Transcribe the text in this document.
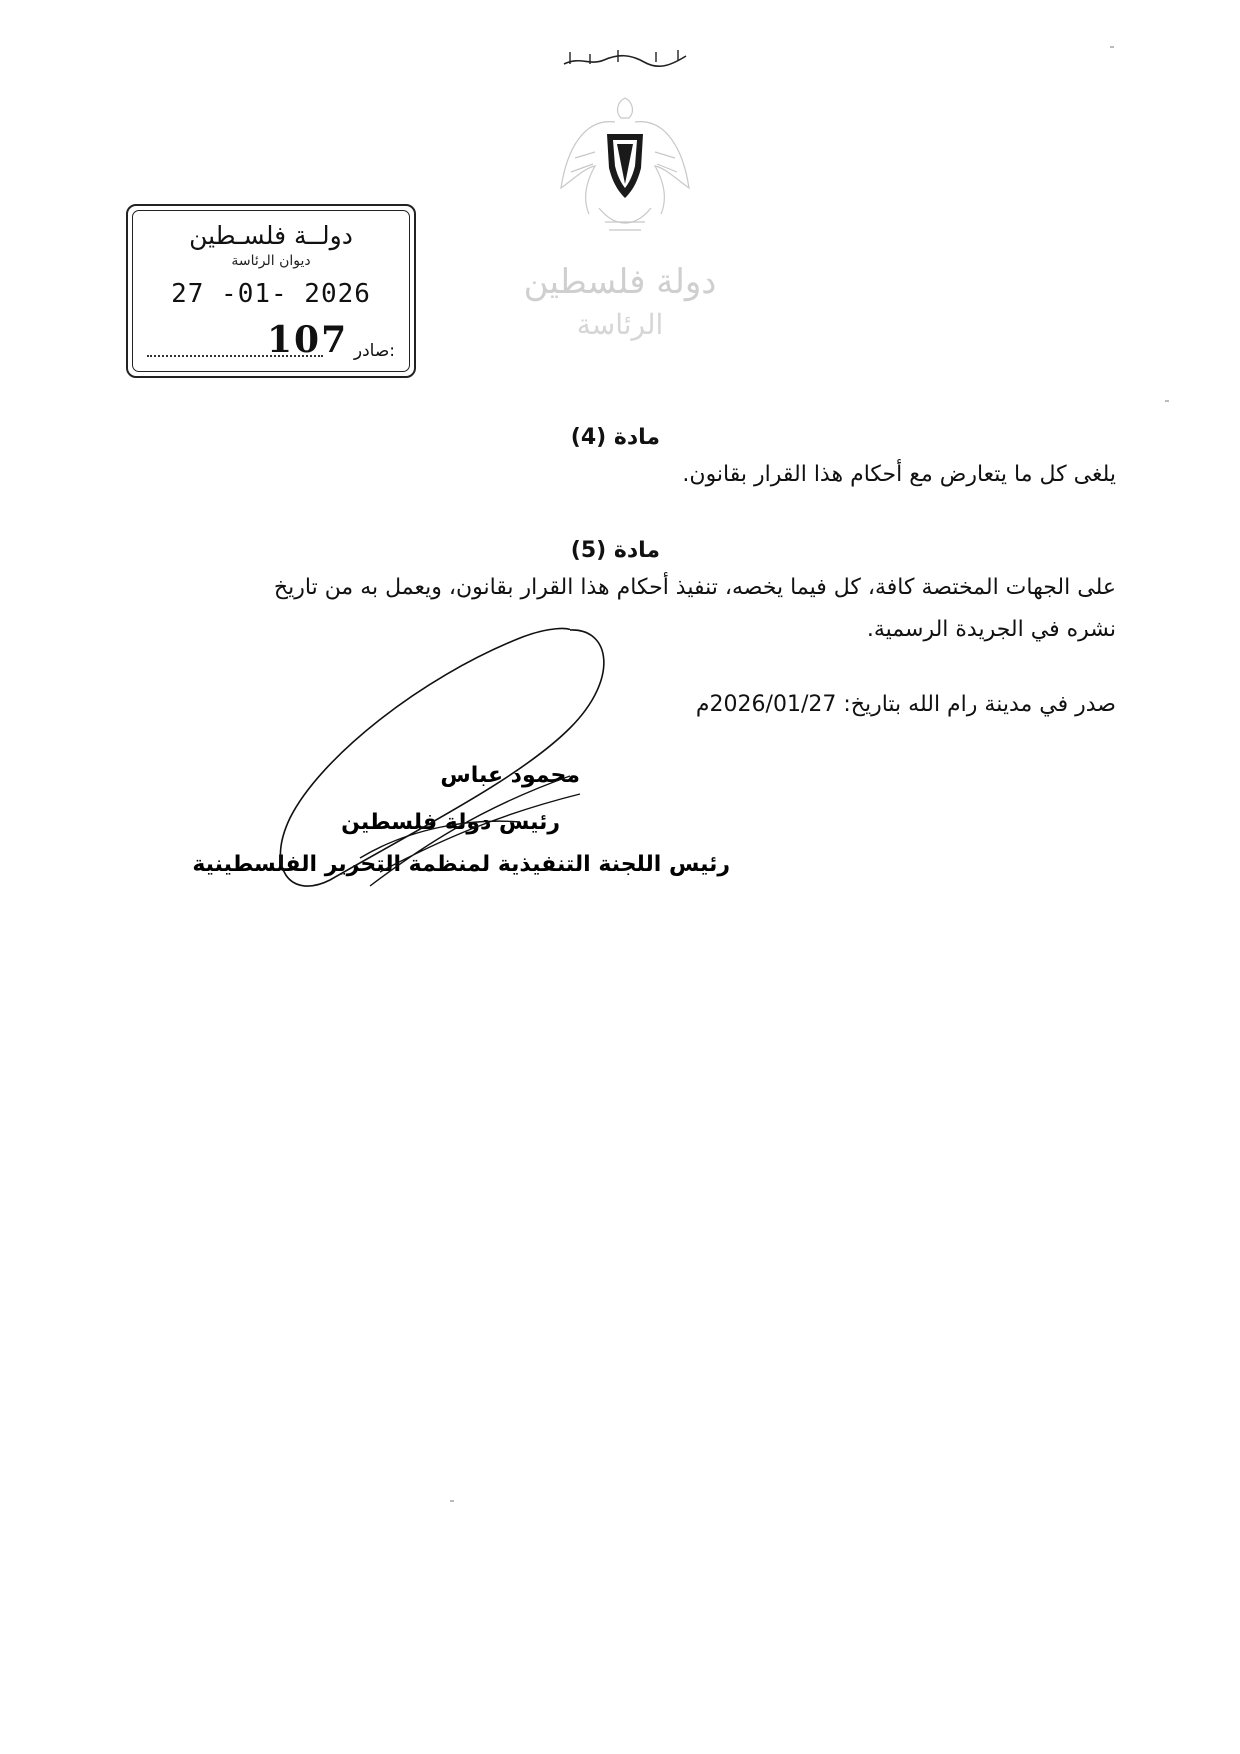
دولة فلسطين
الرئاسة
دولــة فلسـطين
ديوان الرئاسة
27 -01- 2026
107 صادر:
مادة (4)
يلغى كل ما يتعارض مع أحكام هذا القرار بقانون.
مادة (5)
على الجهات المختصة كافة، كل فيما يخصه، تنفيذ أحكام هذا القرار بقانون، ويعمل به من تاريخ
نشره في الجريدة الرسمية.
صدر في مدينة رام الله بتاريخ: 2026/01/27م
محمود عباس
رئيس دولة فلسطين
رئيس اللجنة التنفيذية لمنظمة التحرير الفلسطينية
